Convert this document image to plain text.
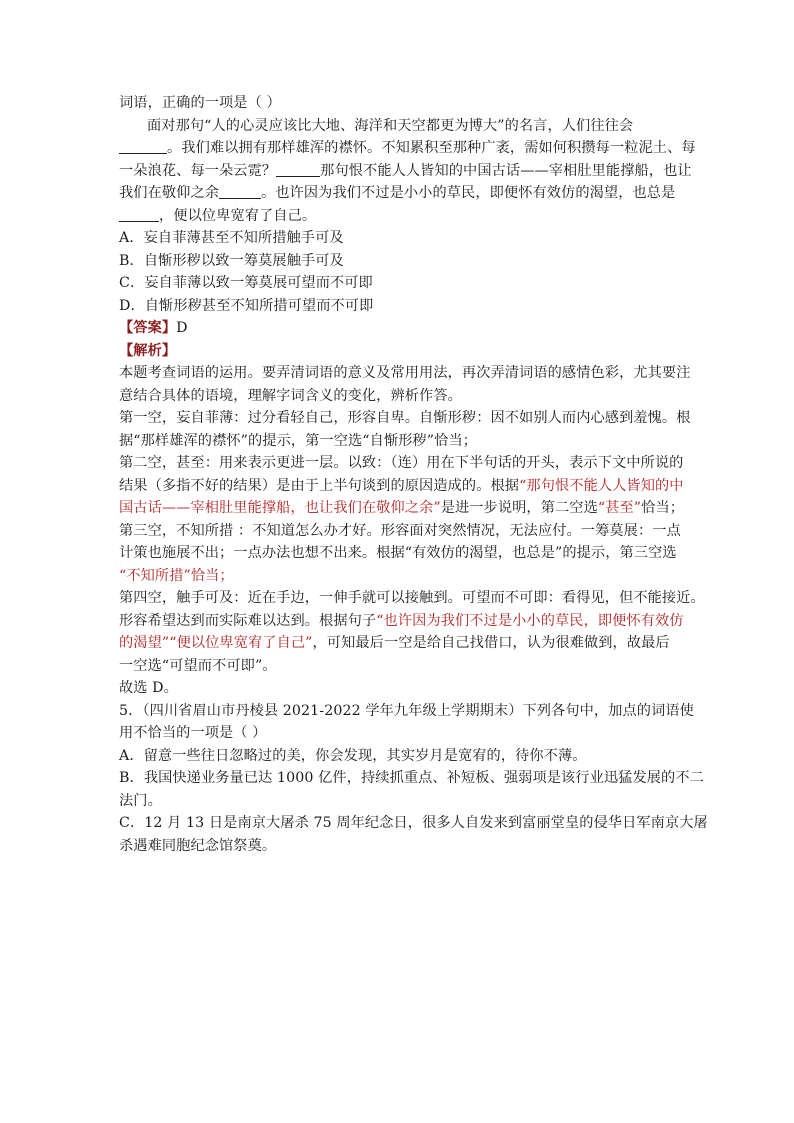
词语，正确的一项是（ ）
面对那句“人的心灵应该比大地、海洋和天空都更为博大”的名言，人们往往会
。我们难以拥有那样雄浑的襟怀。不知累积至那种广袤，需如何积攒每一粒泥土、每
一朵浪花、每一朵云霓？	那句恨不能人人皆知的中国古话——宰相肚里能撑船，也让
我们在敬仰之余	。也许因为我们不过是小小的草民，即便怀有效仿的渴望，也总是
，便以位卑宽宥了自己。
A．妄自菲薄甚至不知所措触手可及
B．自惭形秽以致一筹莫展触手可及
C．妄自菲薄以致一筹莫展可望而不可即
D．自惭形秽甚至不知所措可望而不可即
【答案】D
【解析】
本题考查词语的运用。要弄清词语的意义及常用用法，再次弄清词语的感情色彩，尤其要注
意结合具体的语境，理解字词含义的变化，辨析作答。
第一空，妄自菲薄：过分看轻自己，形容自卑。自惭形秽：因不如别人而内心感到羞愧。根
据“那样雄浑的襟怀”的提示，第一空选“自惭形秽”恰当；
第二空，甚至：用来表示更进一层。以致：（连）用在下半句话的开头，表示下文中所说的
结果（多指不好的结果）是由于上半句谈到的原因造成的。根据“那句恨不能人人皆知的中
国古话——宰相肚里能撑船，也让我们在敬仰之余”是进一步说明，第二空选“甚至”恰当；
第三空，不知所措 ：不知道怎么办才好。形容面对突然情况，无法应付。一筹莫展：一点
计策也施展不出；一点办法也想不出来。根据“有效仿的渴望，也总是”的提示，第三空选
“不知所措”恰当；
第四空，触手可及：近在手边，一伸手就可以接触到。可望而不可即：看得见，但不能接近。
形容希望达到而实际难以达到。根据句子“也许因为我们不过是小小的草民，即便怀有效仿
的渴望”“便以位卑宽宥了自己”，可知最后一空是给自己找借口，认为很难做到，故最后
一空选“可望而不可即”。
故选 D。
5．（四川省眉山市丹棱县 2021-2022 学年九年级上学期期末）下列各句中，加点的词语使
用不恰当的一项是（ ）
A．留意一些往日忽略过的美，你会发现，其实岁月是宽宥的，待你不薄。
B．我国快递业务量已达 1000 亿件，持续抓重点、补短板、强弱项是该行业迅猛发展的不二
法门。
C．12 月 13 日是南京大屠杀 75 周年纪念日，很多人自发来到富丽堂皇的侵华日军南京大屠
杀遇难同胞纪念馆祭奠。
